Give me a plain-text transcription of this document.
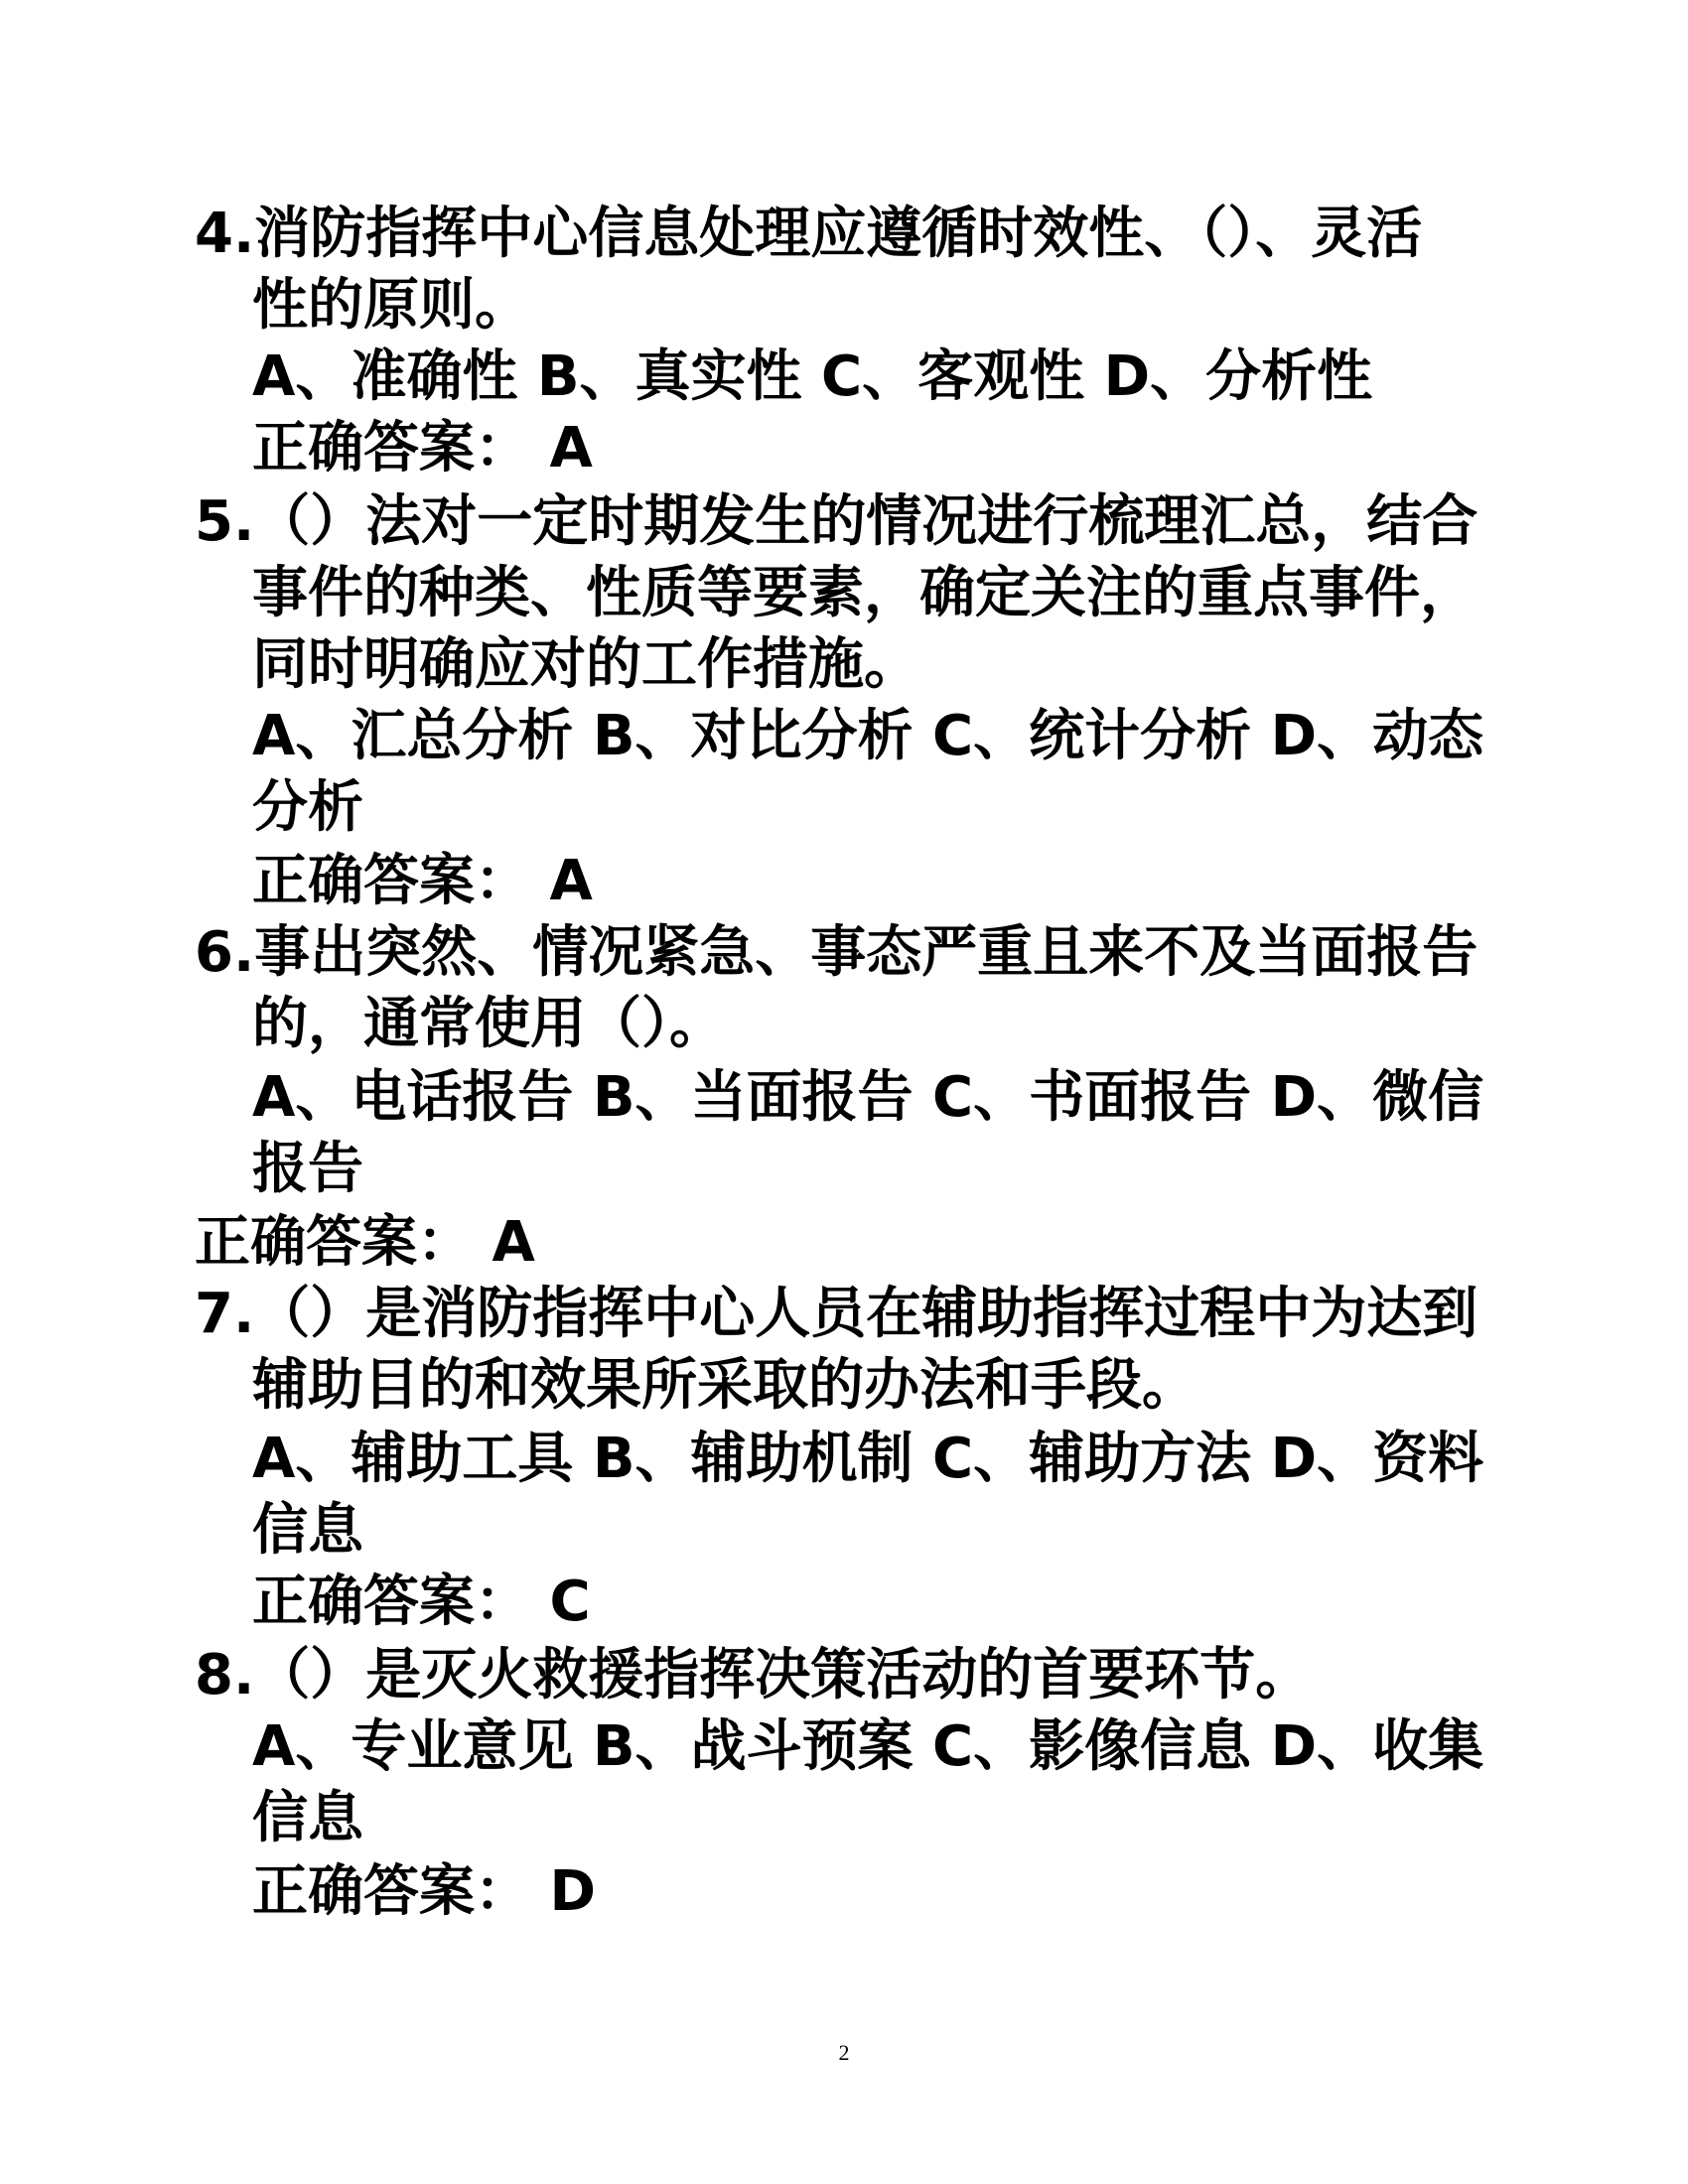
4.消防指挥中心信息处理应遵循时效性、（）、灵活
性的原则。
A、准确性 B、真实性 C、客观性 D、分析性
正确答案： A
5.（）法对一定时期发生的情况进行梳理汇总，结合
事件的种类、性质等要素，确定关注的重点事件，
同时明确应对的工作措施。
A、汇总分析 B、对比分析 C、统计分析 D、动态
分析
正确答案： A
6.事出突然、情况紧急、事态严重且来不及当面报告
的，通常使用（）。
A、电话报告 B、当面报告 C、书面报告 D、微信
报告
正确答案： A
7.（）是消防指挥中心人员在辅助指挥过程中为达到
辅助目的和效果所采取的办法和手段。
A、辅助工具 B、辅助机制 C、辅助方法 D、资料
信息
正确答案： C
8.（）是灭火救援指挥决策活动的首要环节。
A、专业意见 B、战斗预案 C、影像信息 D、收集
信息
正确答案： D
2
